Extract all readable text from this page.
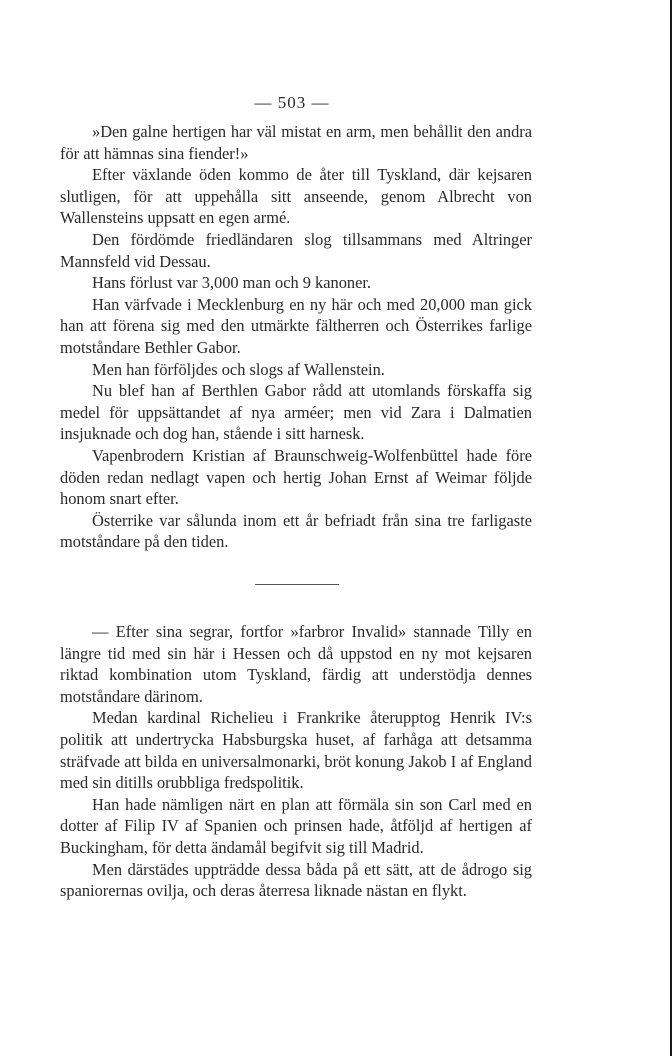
— 503 —

»Den galne hertigen har väl mistat en arm, men behållit den andra för att hämnas sina fiender!»

Efter växlande öden kommo de åter till Tyskland, där kejsaren slutligen, för att uppehålla sitt anseende, genom Albrecht von Wallensteins uppsatt en egen armé.

Den fördömde friedländaren slog tillsammans med Altringer Mannsfeld vid Dessau.

Hans förlust var 3,000 man och 9 kanoner.

Han värfvade i Mecklenburg en ny här och med 20,000 man gick han att förena sig med den utmärkte fältherren och Österrikes farlige motståndare Bethler Gabor.

Men han förföljdes och slogs af Wallenstein.

Nu blef han af Berthlen Gabor rådd att utomlands förskaffa sig medel för uppsättandet af nya arméer; men vid Zara i Dalmatien insjuknade och dog han, stående i sitt harnesk.

Vapenbrodern Kristian af Braunschweig-Wolfenbüttel hade före döden redan nedlagt vapen och hertig Johan Ernst af Weimar följde honom snart efter.

Österrike var sålunda inom ett år befriadt från sina tre farligaste motståndare på den tiden.

— Efter sina segrar, fortfor »farbror Invalid» stannade Tilly en längre tid med sin här i Hessen och då uppstod en ny mot kejsaren riktad kombination utom Tyskland, färdig att understödja dennes motståndare därinom.

Medan kardinal Richelieu i Frankrike återupptog Henrik IV:s politik att undertrycka Habsburgska huset, af farhåga att detsamma sträfvade att bilda en universalmonarki, bröt konung Jakob I af England med sin ditills orubbliga fredspolitik.

Han hade nämligen närt en plan att förmäla sin son Carl med en dotter af Filip IV af Spanien och prinsen hade, åtföljd af hertigen af Buckingham, för detta ändamål begifvit sig till Madrid.

Men därstädes uppträdde dessa båda på ett sätt, att de ådrogo sig spaniorernas ovilja, och deras återresa liknade nästan en flykt.
